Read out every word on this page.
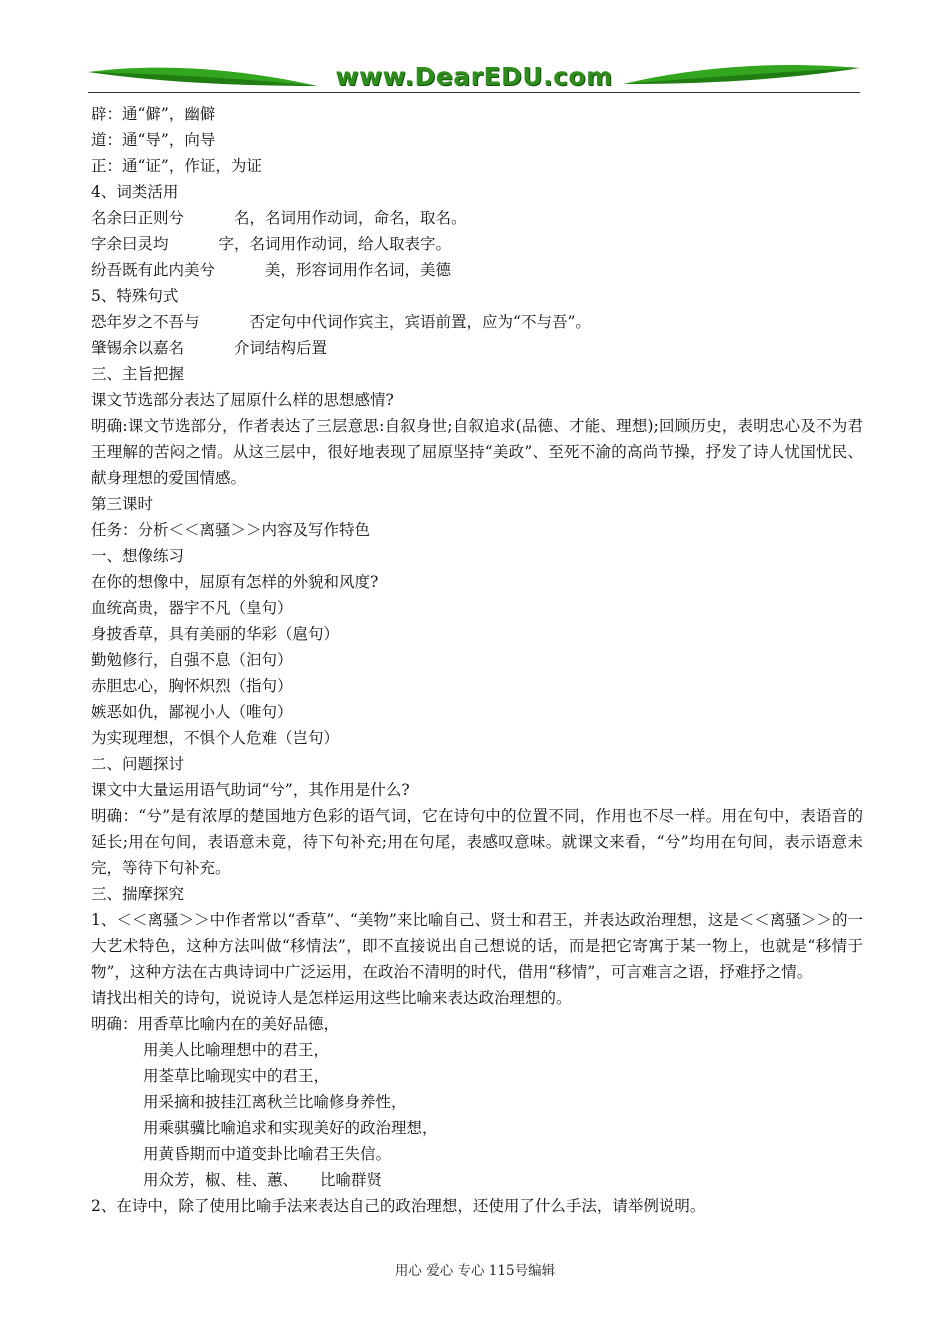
www.DearEDU.com

辟：通“僻”，幽僻

道：通“导”，向导

正：通“证”，作证，为证

4、词类活用

名余曰正则兮	名，名词用作动词，命名，取名。

字余曰灵均	字，名词用作动词，给人取表字。

纷吾既有此内美兮	美，形容词用作名词，美德

5、特殊句式

恐年岁之不吾与	否定句中代词作宾主，宾语前置，应为“不与吾”。

肇锡余以嘉名	介词结构后置

三、主旨把握

课文节选部分表达了屈原什么样的思想感情?

明确:课文节选部分，作者表达了三层意思:自叙身世;自叙追求(品德、才能、理想);回顾历史，表明忠心及不为君王理解的苦闷之情。从这三层中，很好地表现了屈原坚持“美政”、至死不渝的高尚节操，抒发了诗人忧国忧民、献身理想的爱国情感。

第三课时

任务：分析＜＜离骚＞＞内容及写作特色

一、想像练习

在你的想像中，屈原有怎样的外貌和风度?

血统高贵，器宇不凡（皇句）

身披香草，具有美丽的华彩（扈句）

勤勉修行，自强不息（汩句）

赤胆忠心，胸怀炽烈（指句）

嫉恶如仇，鄙视小人（唯句）

为实现理想，不惧个人危难（岂句）

二、问题探讨

课文中大量运用语气助词“兮”，其作用是什么?

明确：“兮”是有浓厚的楚国地方色彩的语气词，它在诗句中的位置不同，作用也不尽一样。用在句中，表语音的延长;用在句间，表语意未竟，待下句补充;用在句尾，表感叹意味。就课文来看，“兮”均用在句间，表示语意未完，等待下句补充。

三、揣摩探究

1、＜＜离骚＞＞中作者常以“香草”、“美物”来比喻自己、贤士和君王，并表达政治理想，这是＜＜离骚＞＞的一大艺术特色，这种方法叫做“移情法”，即不直接说出自己想说的话，而是把它寄寓于某一物上，也就是“移情于物”，这种方法在古典诗词中广泛运用，在政治不清明的时代，借用“移情”，可言难言之语，抒难抒之情。

请找出相关的诗句，说说诗人是怎样运用这些比喻来表达政治理想的。

明确：用香草比喻内在的美好品德，

用美人比喻理想中的君王，

用荃草比喻现实中的君王，

用采摘和披挂江离秋兰比喻修身养性，

用乘骐骥比喻追求和实现美好的政治理想，

用黄昏期而中道变卦比喻君王失信。

用众芳，椒、桂、蕙、 比喻群贤

2、在诗中，除了使用比喻手法来表达自己的政治理想，还使用了什么手法，请举例说明。

用心 爱心 专心 115号编辑
